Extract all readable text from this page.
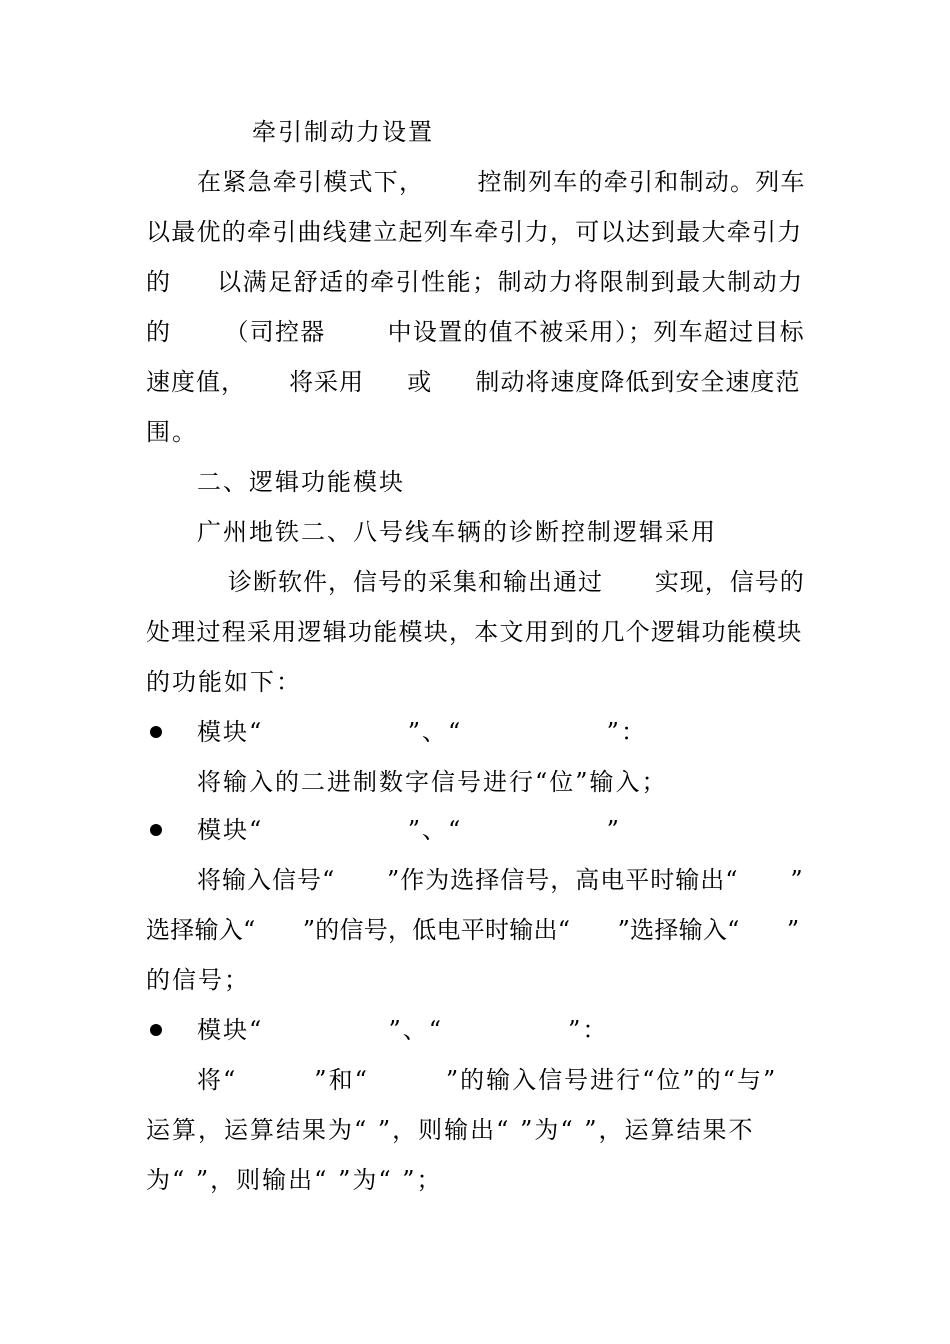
牵引制动力设置
在紧急牵引模式下，      控制列车的牵引和制动。列车
以最优的牵引曲线建立起列车牵引力，可以达到最大牵引力
的     以满足舒适的牵引性能；制动力将限制到最大制动力
的      （司控器       中设置的值不被采用）；列车超过目标
速度值，     将采用     或     制动将速度降低到安全速度范
围。
二、逻辑功能模块
广州地铁二、八号线车辆的诊断控制逻辑采用
诊断软件，信号的采集和输出通过      实现，信号的
处理过程采用逻辑功能模块，本文用到的几个逻辑功能模块
的功能如下：
模块“               ”、“               ”：
将输入的二进制数字信号进行“位”输入；
模块“               ”、“               ”
将输入信号“      ”作为选择信号，高电平时输出“      ”
选择输入“      ”的信号，低电平时输出“      ”选择输入“      ”
的信号；
模块“             ”、“             ”：
将“        ”和“        ”的输入信号进行“位”的“与”
运算，运算结果为“ ”，则输出“ ”为“ ”，运算结果不
为“ ”，则输出“ ”为“ ”；
